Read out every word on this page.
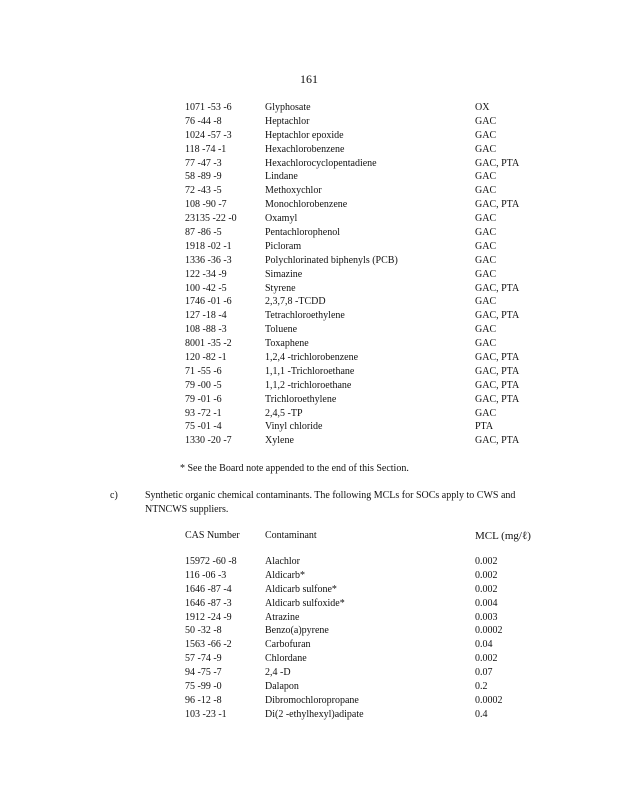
161
1071 -53 -6	Glyphosate	OX
76 -44 -8	Heptachlor	GAC
1024 -57 -3	Heptachlor epoxide	GAC
118 -74 -1	Hexachlorobenzene	GAC
77 -47 -3	Hexachlorocyclopentadiene	GAC, PTA
58 -89 -9	Lindane	GAC
72 -43 -5	Methoxychlor	GAC
108 -90 -7	Monochlorobenzene	GAC, PTA
23135 -22 -0	Oxamyl	GAC
87 -86 -5	Pentachlorophenol	GAC
1918 -02 -1	Picloram	GAC
1336 -36 -3	Polychlorinated biphenyls (PCB)	GAC
122 -34 -9	Simazine	GAC
100 -42 -5	Styrene	GAC, PTA
1746 -01 -6	2,3,7,8 -TCDD	GAC
127 -18 -4	Tetrachloroethylene	GAC, PTA
108 -88 -3	Toluene	GAC
8001 -35 -2	Toxaphene	GAC
120 -82 -1	1,2,4 -trichlorobenzene	GAC, PTA
71 -55 -6	1,1,1 -Trichloroethane	GAC, PTA
79 -00 -5	1,1,2 -trichloroethane	GAC, PTA
79 -01 -6	Trichloroethylene	GAC, PTA
93 -72 -1	2,4,5 -TP	GAC
75 -01 -4	Vinyl chloride	PTA
1330 -20 -7	Xylene	GAC, PTA
* See the Board note appended to the end of this Section.
c)	Synthetic organic chemical contaminants. The following MCLs for SOCs apply to CWS and NTNCWS suppliers.
CAS Number	Contaminant	MCL (mg/ℓ)
15972 -60 -8	Alachlor	0.002
116 -06 -3	Aldicarb*	0.002
1646 -87 -4	Aldicarb sulfone*	0.002
1646 -87 -3	Aldicarb sulfoxide*	0.004
1912 -24 -9	Atrazine	0.003
50 -32 -8	Benzo(a)pyrene	0.0002
1563 -66 -2	Carbofuran	0.04
57 -74 -9	Chlordane	0.002
94 -75 -7	2,4 -D	0.07
75 -99 -0	Dalapon	0.2
96 -12 -8	Dibromochloropropane	0.0002
103 -23 -1	Di(2 -ethylhexyl)adipate	0.4
